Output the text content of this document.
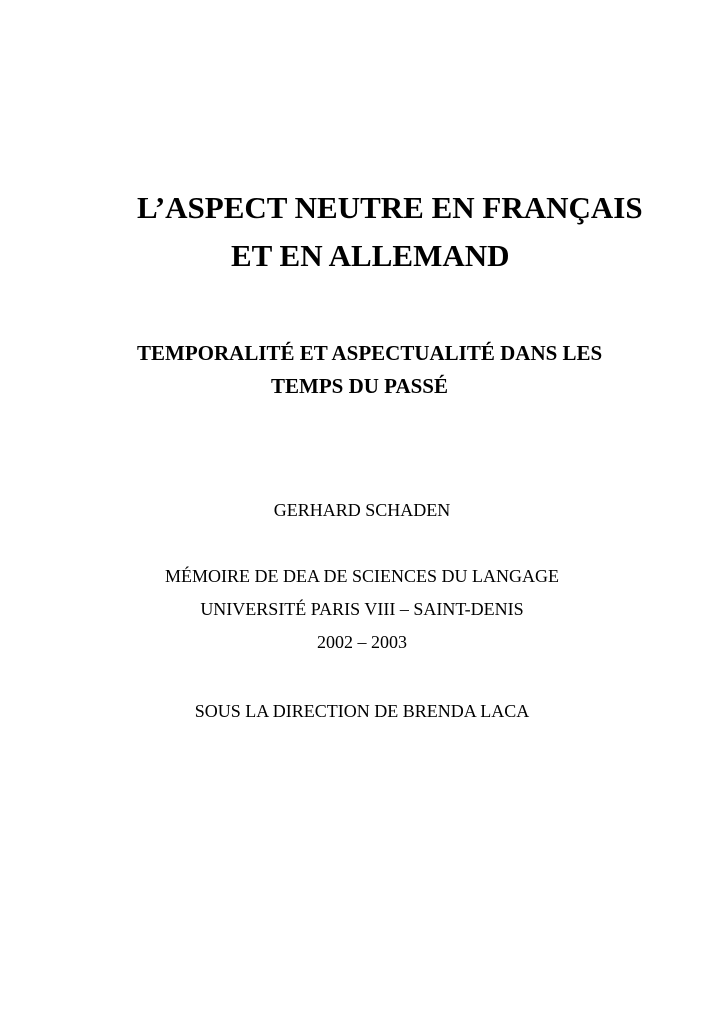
L’ASPECT NEUTRE EN FRANÇAIS
ET EN ALLEMAND
TEMPORALITÉ ET ASPECTUALITÉ DANS LES
TEMPS DU PASSÉ
GERHARD SCHADEN
MÉMOIRE DE DEA DE SCIENCES DU LANGAGE
UNIVERSITÉ PARIS VIII – SAINT-DENIS
2002 – 2003
SOUS LA DIRECTION DE BRENDA LACA
